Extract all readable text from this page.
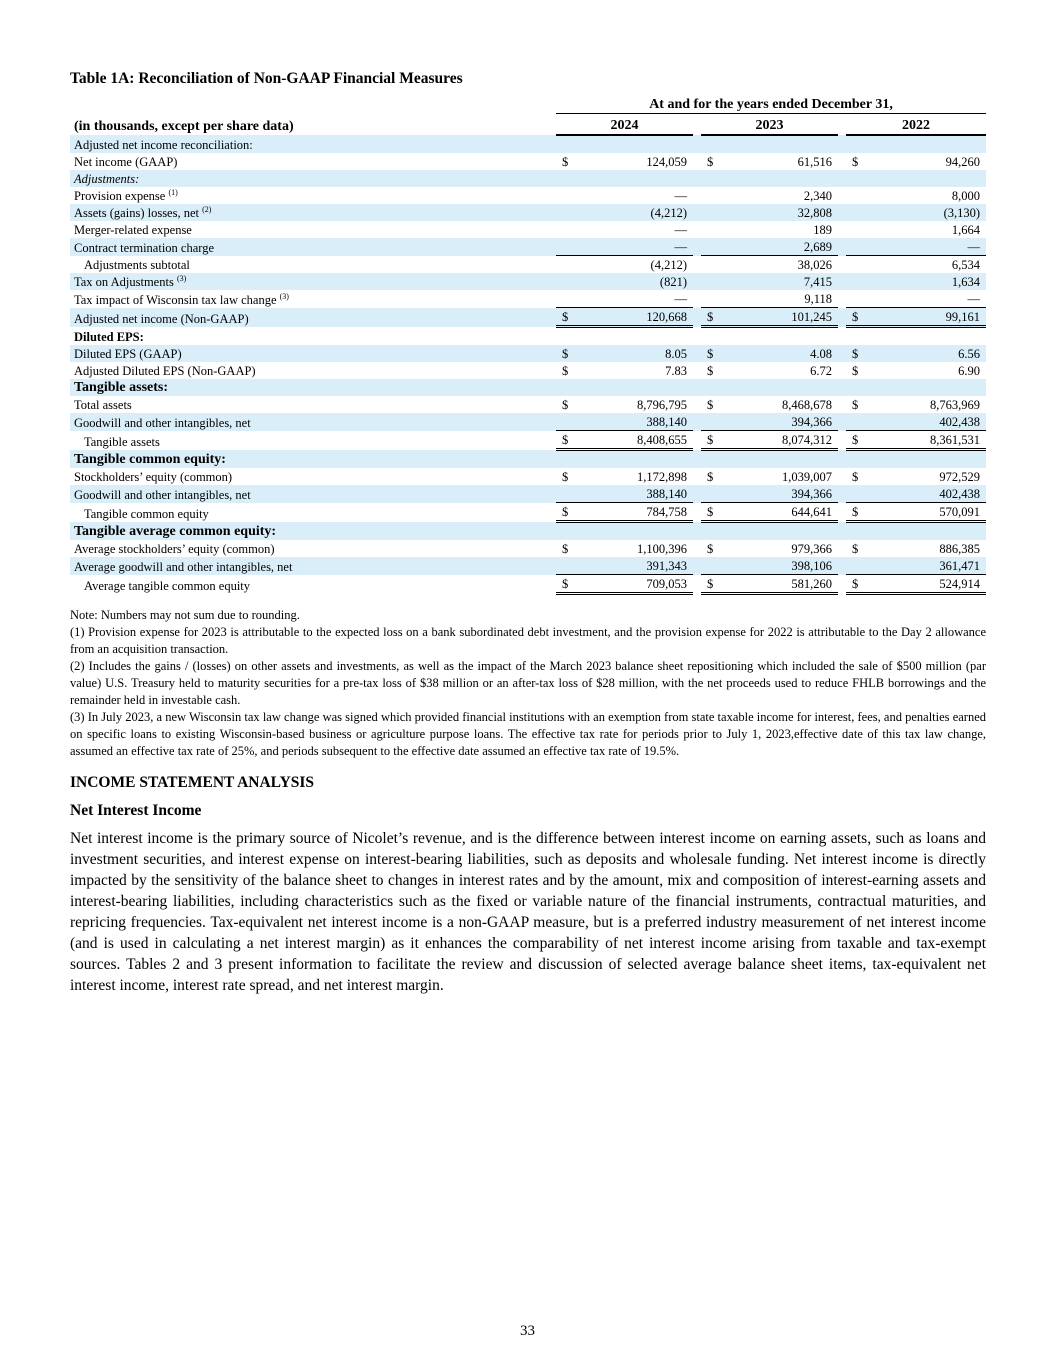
Table 1A: Reconciliation of Non-GAAP Financial Measures
	At and for the years ended December 31,							
(in thousands, except per share data)	2024			2023			2022	
Adjusted net income reconciliation:								
Net income (GAAP)	$	124,059		$	61,516		$	94,260
Adjustments:								
Provision expense $^{(1)}$		—			2,340			8,000
Assets (gains) losses, net $^{(2)}$		(4,212)			32,808			(3,130)
Merger-related expense		—			189			1,664
Contract termination charge		—			2,689			—
Adjustments subtotal		(4,212)			38,026			6,534
Tax on Adjustments $^{(3)}$		(821)			7,415			1,634
Tax impact of Wisconsin tax law change $^{(3)}$		—			9,118			—
Adjusted net income (Non-GAAP)	$	120,668		$	101,245		$	99,161
Diluted EPS:								
Diluted EPS (GAAP)	$	8.05		$	4.08		$	6.56
Adjusted Diluted EPS (Non-GAAP)	$	7.83		$	6.72		$	6.90
Tangible assets:								
Total assets	$	8,796,795		$	8,468,678		$	8,763,969
Goodwill and other intangibles, net		388,140			394,366			402,438
Tangible assets	$	8,408,655		$	8,074,312		$	8,361,531
Tangible common equity:								
Stockholders’ equity (common)	$	1,172,898		$	1,039,007		$	972,529
Goodwill and other intangibles, net		388,140			394,366			402,438
Tangible common equity	$	784,758		$	644,641		$	570,091
Tangible average common equity:								
Average stockholders’ equity (common)	$	1,100,396		$	979,366		$	886,385
Average goodwill and other intangibles, net		391,343			398,106			361,471
Average tangible common equity	$	709,053		$	581,260		$	524,914

Note: Numbers may not sum due to rounding.

(1) Provision expense for 2023 is attributable to the expected loss on a bank subordinated debt investment, and the provision expense for 2022 is attributable to the Day 2 allowance from an acquisition transaction.

(2) Includes the gains / (losses) on other assets and investments, as well as the impact of the March 2023 balance sheet repositioning which included the sale of $500 million (par value) U.S. Treasury held to maturity securities for a pre-tax loss of $38 million or an after-tax loss of $28 million, with the net proceeds used to reduce FHLB borrowings and the remainder held in investable cash.

(3) In July 2023, a new Wisconsin tax law change was signed which provided financial institutions with an exemption from state taxable income for interest, fees, and penalties earned on specific loans to existing Wisconsin-based business or agriculture purpose loans. The effective tax rate for periods prior to July 1, 2023,effective date of this tax law change, assumed an effective tax rate of 25%, and periods subsequent to the effective date assumed an effective tax rate of 19.5%.

INCOME STATEMENT ANALYSIS
Net Interest Income

Net interest income is the primary source of Nicolet’s revenue, and is the difference between interest income on earning assets, such as loans and investment securities, and interest expense on interest-bearing liabilities, such as deposits and wholesale funding. Net interest income is directly impacted by the sensitivity of the balance sheet to changes in interest rates and by the amount, mix and composition of interest-earning assets and interest-bearing liabilities, including characteristics such as the fixed or variable nature of the financial instruments, contractual maturities, and repricing frequencies. Tax-equivalent net interest income is a non-GAAP measure, but is a preferred industry measurement of net interest income (and is used in calculating a net interest margin) as it enhances the comparability of net interest income arising from taxable and tax-exempt sources. Tables 2 and 3 present information to facilitate the review and discussion of selected average balance sheet items, tax-equivalent net interest income, interest rate spread, and net interest margin.

33
